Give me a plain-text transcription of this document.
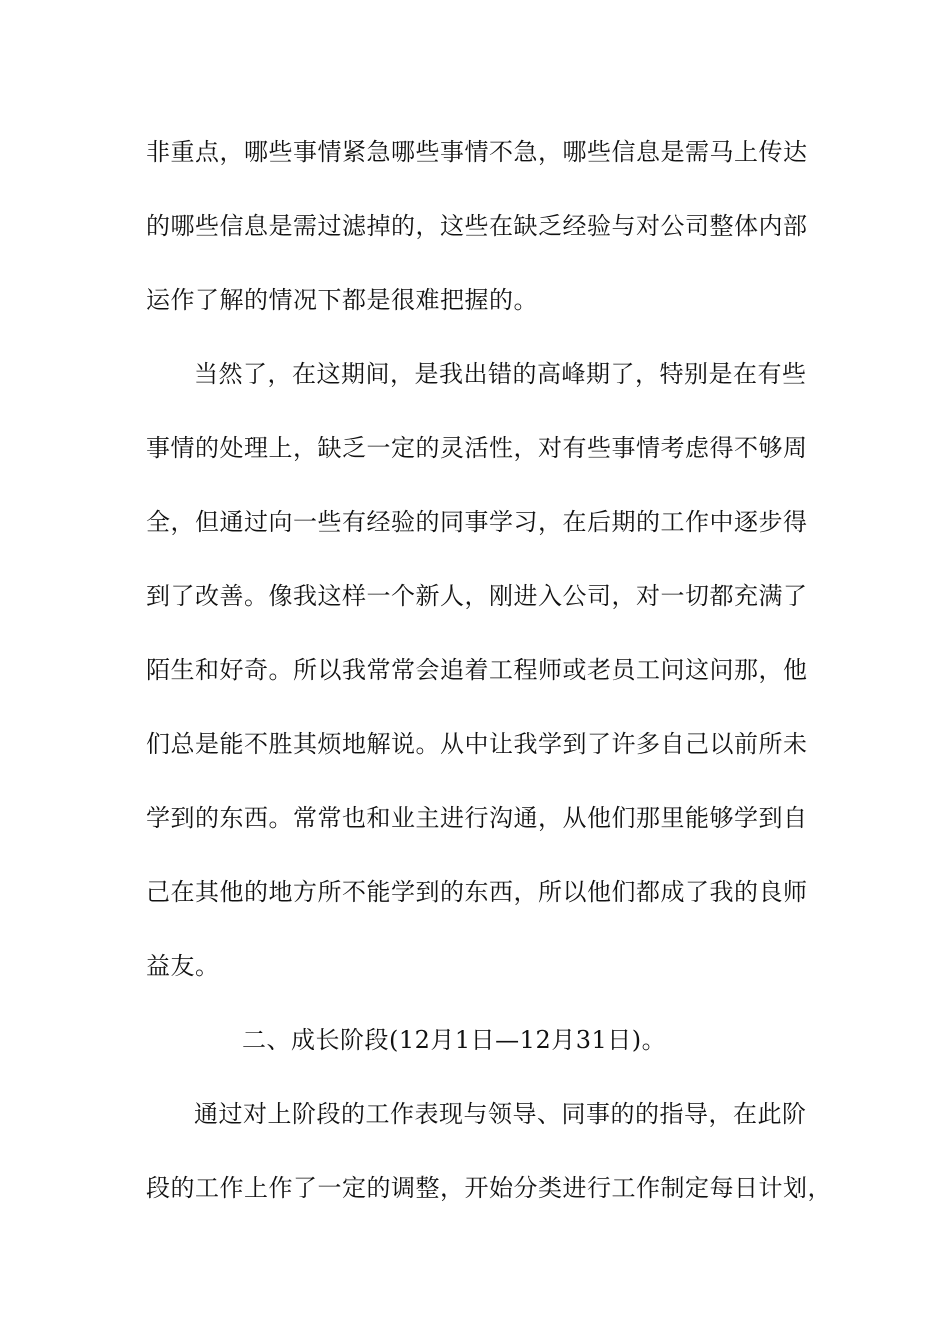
非重点，哪些事情紧急哪些事情不急，哪些信息是需马上传达
的哪些信息是需过滤掉的，这些在缺乏经验与对公司整体内部
运作了解的情况下都是很难把握的。
当然了，在这期间，是我出错的高峰期了，特别是在有些
事情的处理上，缺乏一定的灵活性，对有些事情考虑得不够周
全，但通过向一些有经验的同事学习，在后期的工作中逐步得
到了改善。像我这样一个新人，刚进入公司，对一切都充满了
陌生和好奇。所以我常常会追着工程师或老员工问这问那，他
们总是能不胜其烦地解说。从中让我学到了许多自己以前所未
学到的东西。常常也和业主进行沟通，从他们那里能够学到自
己在其他的地方所不能学到的东西，所以他们都成了我的良师
益友。
二、成长阶段(12月1日—12月31日)。
通过对上阶段的工作表现与领导、同事的的指导，在此阶
段的工作上作了一定的调整，开始分类进行工作制定每日计划，
